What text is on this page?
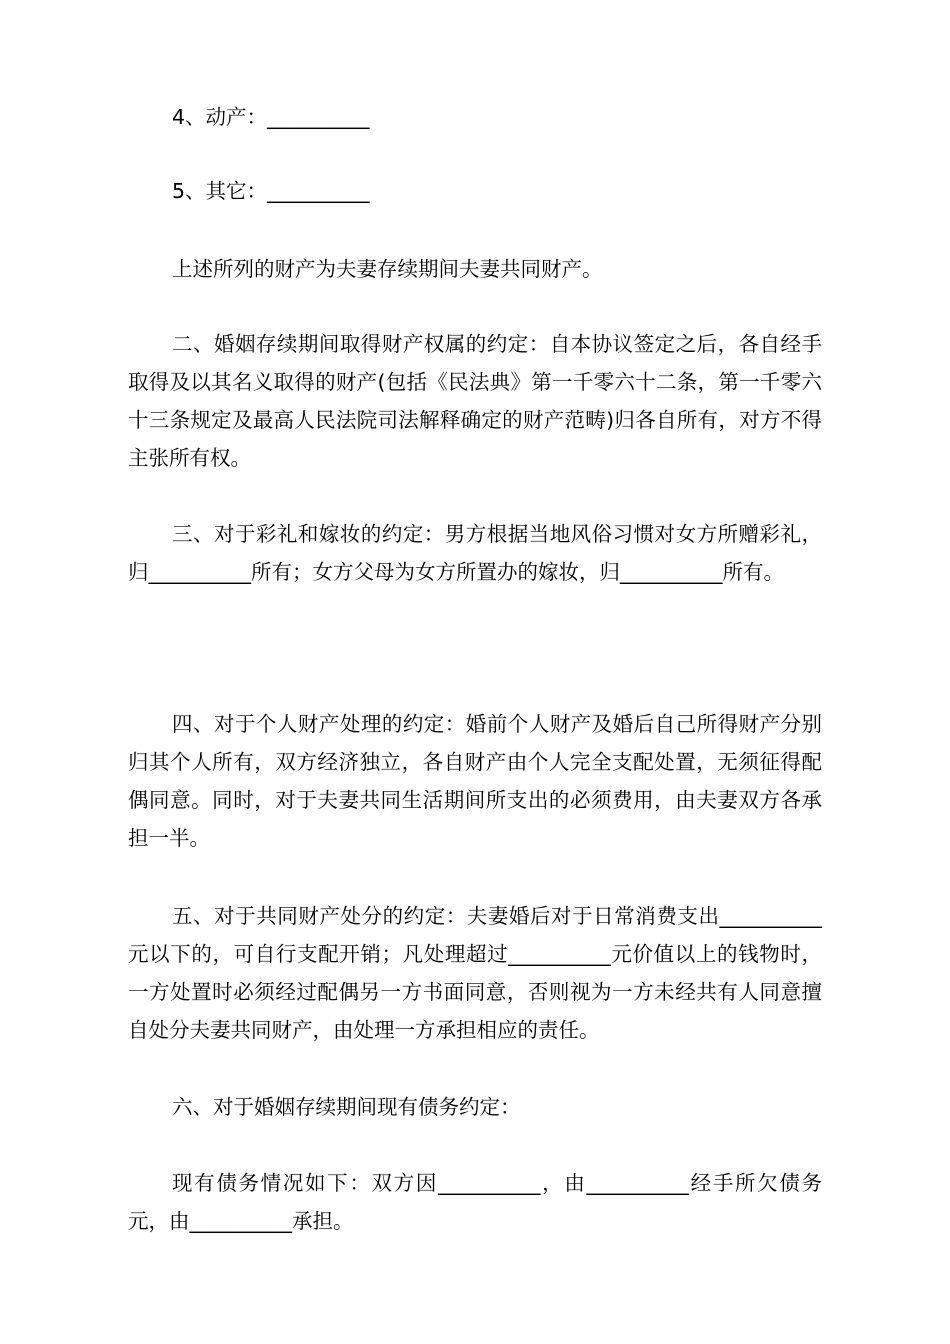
4、动产：__________

5、其它：__________

上述所列的财产为夫妻存续期间夫妻共同财产。

二、婚姻存续期间取得财产权属的约定：自本协议签定之后，各自经手取得及以其名义取得的财产(包括《民法典》第一千零六十二条，第一千零六十三条规定及最高人民法院司法解释确定的财产范畴)归各自所有，对方不得主张所有权。

三、对于彩礼和嫁妆的约定：男方根据当地风俗习惯对女方所赠彩礼，归__________所有；女方父母为女方所置办的嫁妆，归__________所有。

四、对于个人财产处理的约定：婚前个人财产及婚后自己所得财产分别归其个人所有，双方经济独立，各自财产由个人完全支配处置，无须征得配偶同意。同时，对于夫妻共同生活期间所支出的必须费用，由夫妻双方各承担一半。

五、对于共同财产处分的约定：夫妻婚后对于日常消费支出__________元以下的，可自行支配开销；凡处理超过__________元价值以上的钱物时，一方处置时必须经过配偶另一方书面同意，否则视为一方未经共有人同意擅自处分夫妻共同财产，由处理一方承担相应的责任。

六、对于婚姻存续期间现有债务约定：

现有债务情况如下：双方因__________，由__________经手所欠债务元，由__________承担。
